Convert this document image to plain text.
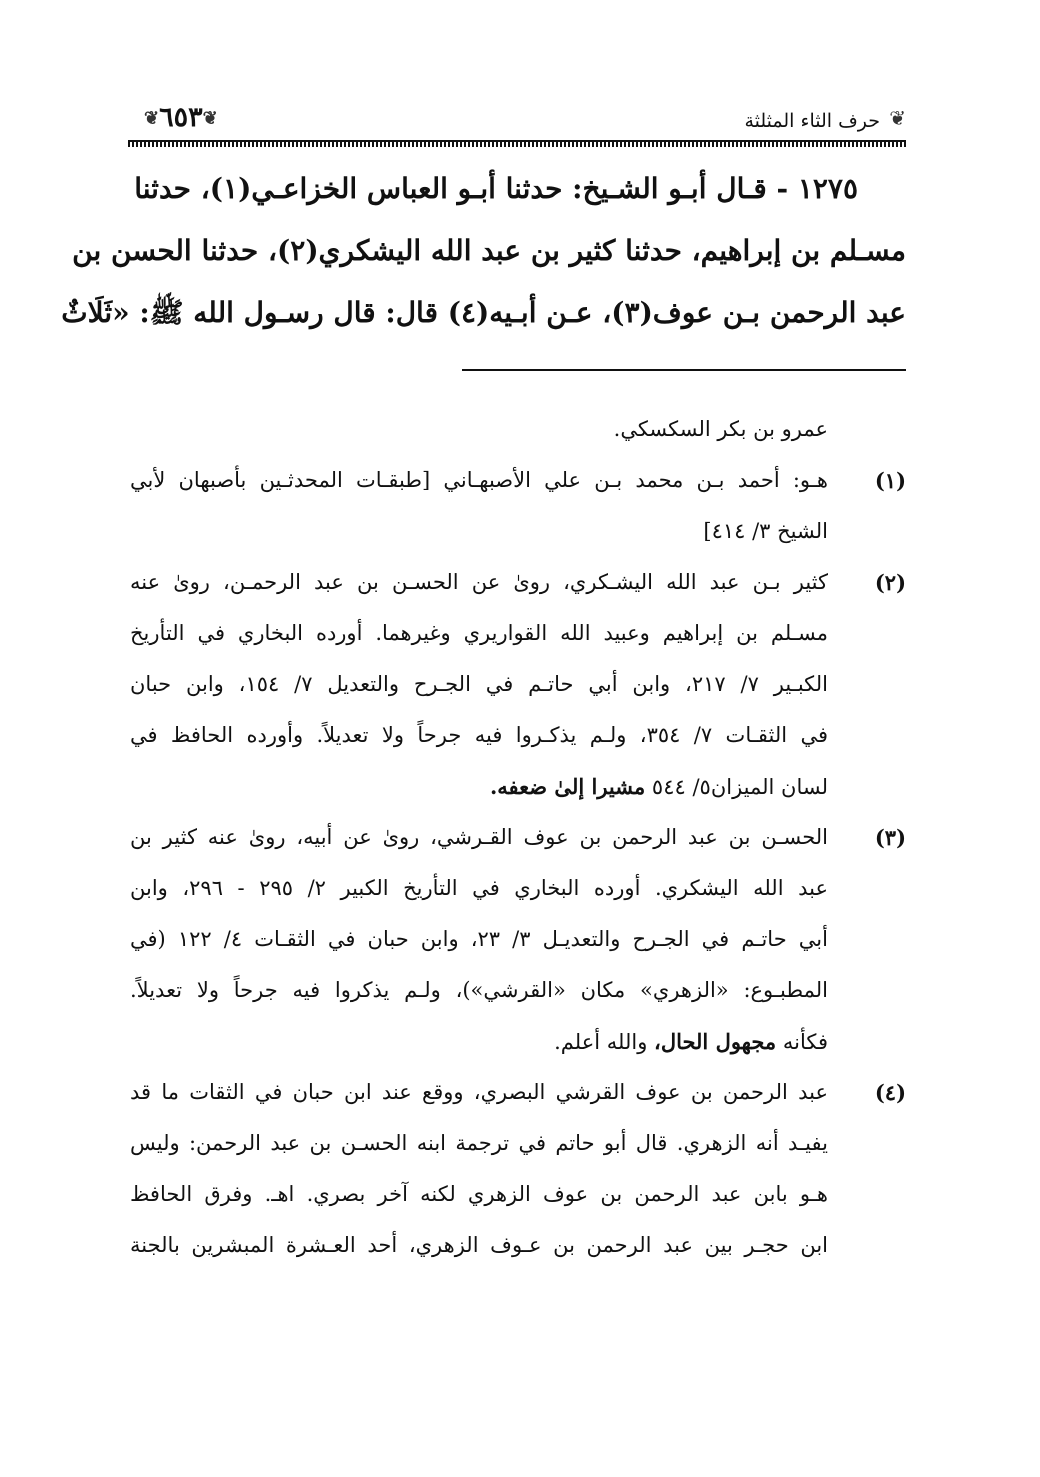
❦ ٦٥٣ ❦	حرف الثاء المثلثة ❦
١٢٧٥ - قـال أبـو الشـيخ: حدثنا أبـو العباس الخزاعـي(١)، حدثنا
مسـلم بن إبراهيم، حدثنا كثير بن عبد الله اليشكري(٢)، حدثنا الحسن بن
عبد الرحمن بـن عوف(٣)، عـن أبـيه(٤) قال: قال رسـول الله ﷺ: «ثَلَاثٌ
عمرو بن بكر السكسكي.
(١)
هـو: أحمد بـن محمد بـن علي الأصبهـاني [طبقـات المحدثـين بأصبهان لأبي
الشيخ ٣/ ٤١٤]
(٢)
كثير بـن عبد الله اليشـكري، روىٰ عن الحسـن بن عبد الرحمـن، روىٰ عنه
مسـلم بن إبراهيم وعبيد الله القواريري وغيرهما. أورده البخاري في التأريخ
الكبـير ٧/ ٢١٧، وابن أبي حاتـم في الجـرح والتعديل ٧/ ١٥٤، وابن حبان
في الثقـات ٧/ ٣٥٤، ولـم يذكـروا فيه جرحاً ولا تعديلاً. وأورده الحافظ في
لسان الميزان٥/ ٥٤٤ مشيرا إلىٰ ضعفه.
(٣)
الحسـن بن عبد الرحمن بن عوف القـرشي، روىٰ عن أبيه، روىٰ عنه كثير بن
عبد الله اليشكري. أورده البخاري في التأريخ الكبير ٢/ ٢٩٥ - ٢٩٦، وابن
أبي حاتـم في الجـرح والتعديـل ٣/ ٢٣، وابن حبان في الثقـات ٤/ ١٢٢ (في
المطبـوع: «الزهري» مكان «القرشي»)، ولـم يذكروا فيه جرحاً ولا تعديلاً.
فكأنه مجهول الحال، والله أعلم.
(٤)
عبد الرحمن بن عوف القرشي البصري، ووقع عند ابن حبان في الثقات ما قد
يفيـد أنه الزهري. قال أبو حاتم في ترجمة ابنه الحسـن بن عبد الرحمن: وليس
هـو بابن عبد الرحمن بن عوف الزهري لكنه آخر بصري. اهـ. وفرق الحافظ
ابن حجـر بين عبد الرحمن بن عـوف الزهري، أحد العـشرة المبشرين بالجنة
